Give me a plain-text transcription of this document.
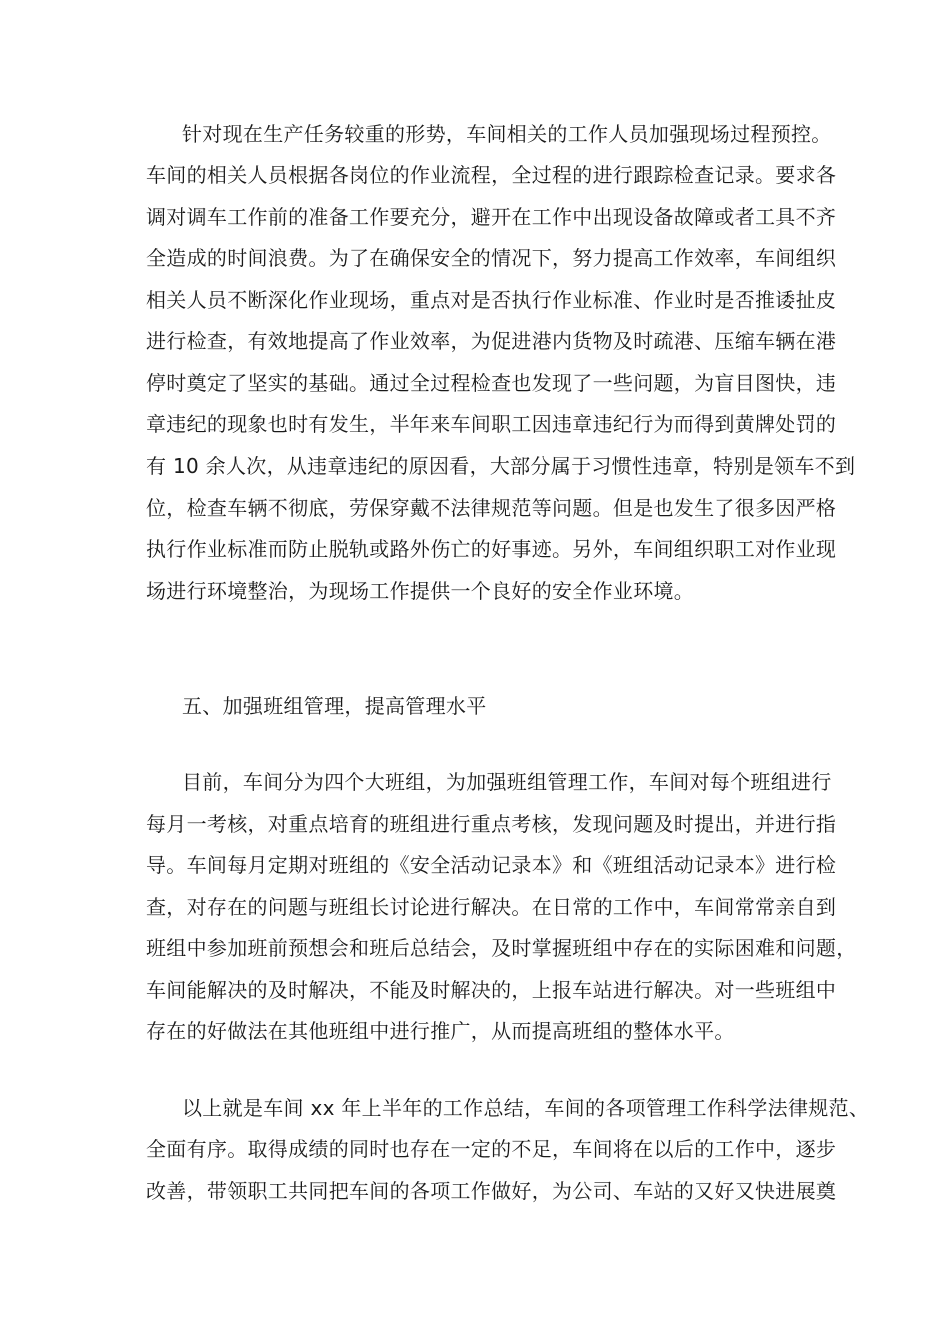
针对现在生产任务较重的形势，车间相关的工作人员加强现场过程预控。
车间的相关人员根据各岗位的作业流程，全过程的进行跟踪检查记录。要求各
调对调车工作前的准备工作要充分，避开在工作中出现设备故障或者工具不齐
全造成的时间浪费。为了在确保安全的情况下，努力提高工作效率，车间组织
相关人员不断深化作业现场，重点对是否执行作业标准、作业时是否推诿扯皮
进行检查，有效地提高了作业效率，为促进港内货物及时疏港、压缩车辆在港
停时奠定了坚实的基础。通过全过程检查也发现了一些问题，为盲目图快，违
章违纪的现象也时有发生，半年来车间职工因违章违纪行为而得到黄牌处罚的
有 10 余人次，从违章违纪的原因看，大部分属于习惯性违章，特别是领车不到
位，检查车辆不彻底，劳保穿戴不法律规范等问题。但是也发生了很多因严格
执行作业标准而防止脱轨或路外伤亡的好事迹。另外，车间组织职工对作业现
场进行环境整治，为现场工作提供一个良好的安全作业环境。
五、加强班组管理，提高管理水平
目前，车间分为四个大班组，为加强班组管理工作，车间对每个班组进行
每月一考核，对重点培育的班组进行重点考核，发现问题及时提出，并进行指
导。车间每月定期对班组的《安全活动记录本》和《班组活动记录本》进行检
查，对存在的问题与班组长讨论进行解决。在日常的工作中，车间常常亲自到
班组中参加班前预想会和班后总结会，及时掌握班组中存在的实际困难和问题，
车间能解决的及时解决，不能及时解决的，上报车站进行解决。对一些班组中
存在的好做法在其他班组中进行推广，从而提高班组的整体水平。
以上就是车间 xx 年上半年的工作总结，车间的各项管理工作科学法律规范、
全面有序。取得成绩的同时也存在一定的不足，车间将在以后的工作中，逐步
改善，带领职工共同把车间的各项工作做好，为公司、车站的又好又快进展奠
